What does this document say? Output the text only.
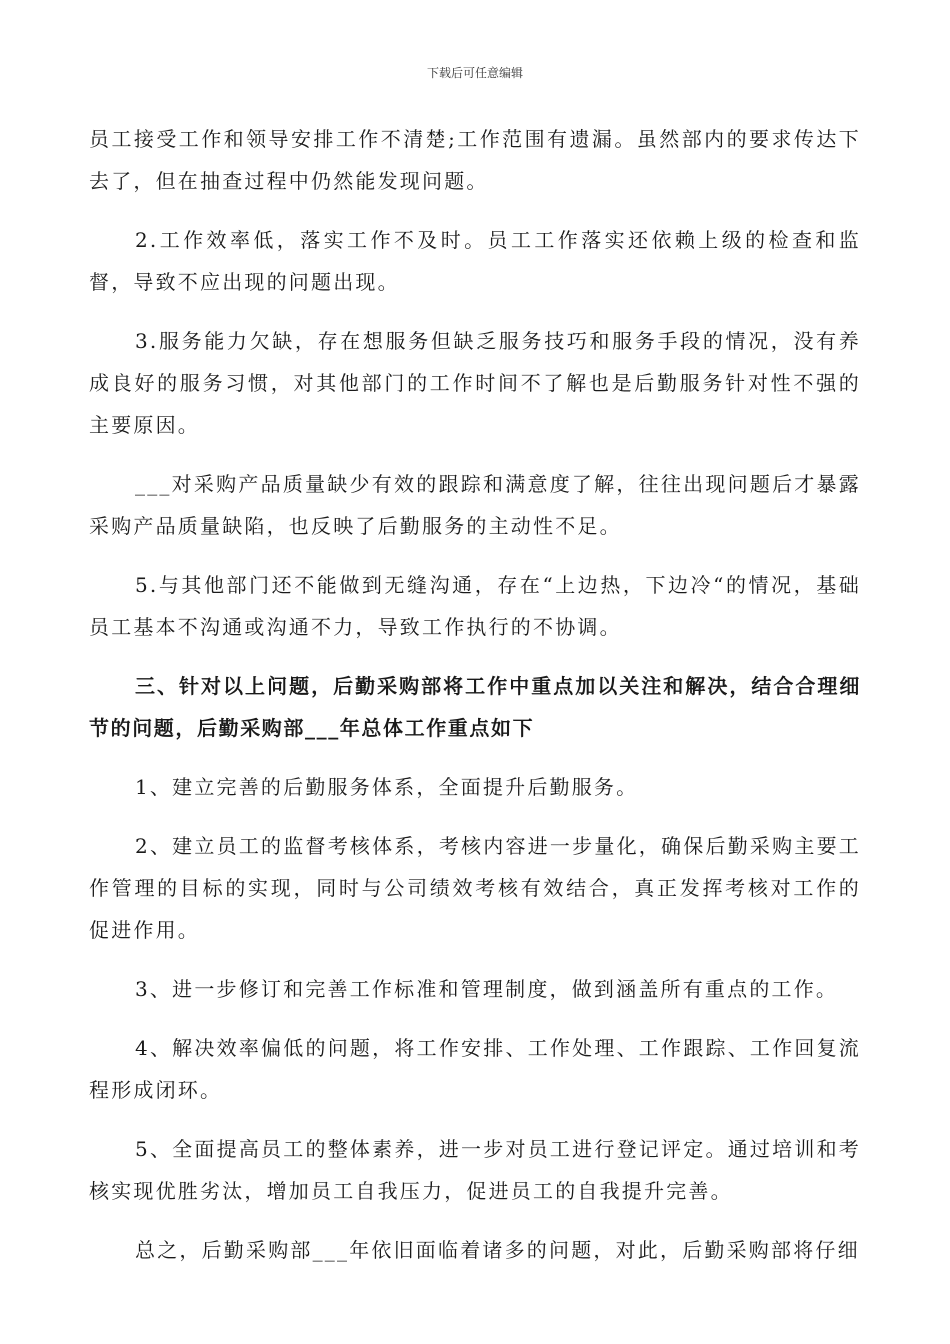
下载后可任意编辑

员工接受工作和领导安排工作不清楚;工作范围有遗漏。虽然部内的要求传达下去了，但在抽查过程中仍然能发现问题。

2.工作效率低，落实工作不及时。员工工作落实还依赖上级的检查和监督，导致不应出现的问题出现。

3.服务能力欠缺，存在想服务但缺乏服务技巧和服务手段的情况，没有养成良好的服务习惯，对其他部门的工作时间不了解也是后勤服务针对性不强的主要原因。

___对采购产品质量缺少有效的跟踪和满意度了解，往往出现问题后才暴露采购产品质量缺陷，也反映了后勤服务的主动性不足。

5.与其他部门还不能做到无缝沟通，存在“上边热，下边冷“的情况，基础员工基本不沟通或沟通不力，导致工作执行的不协调。

三、针对以上问题，后勤采购部将工作中重点加以关注和解决，结合合理细节的问题，后勤采购部___年总体工作重点如下

1、建立完善的后勤服务体系，全面提升后勤服务。

2、建立员工的监督考核体系，考核内容进一步量化，确保后勤采购主要工作管理的目标的实现，同时与公司绩效考核有效结合，真正发挥考核对工作的促进作用。

3、进一步修订和完善工作标准和管理制度，做到涵盖所有重点的工作。

4、解决效率偏低的问题，将工作安排、工作处理、工作跟踪、工作回复流程形成闭环。

5、全面提高员工的整体素养，进一步对员工进行登记评定。通过培训和考核实现优胜劣汰，增加员工自我压力，促进员工的自我提升完善。

总之，后勤采购部___年依旧面临着诸多的问题，对此，后勤采购部将仔细
